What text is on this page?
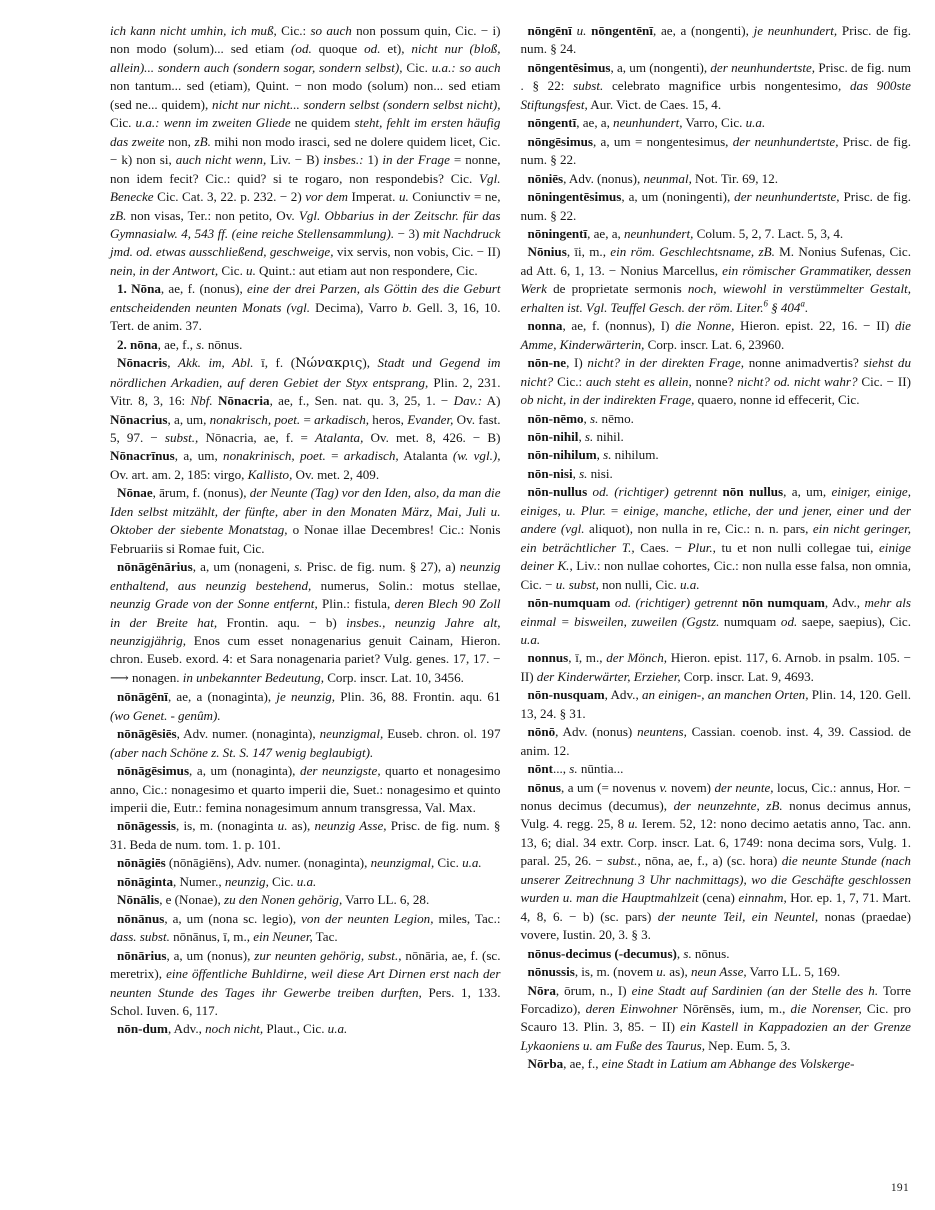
ich kann nicht umhin, ich muß, Cic.: so auch non possum quin, Cic. − i) non modo (solum)... sed etiam (od. quoque od. et), nicht nur (bloß, allein)... sondern auch (sondern sogar, sondern selbst), Cic. u.a.: so auch non tantum... sed (etiam), Quint. − non modo (solum) non... sed etiam (sed ne... quidem), nicht nur nicht... sondern selbst (sondern selbst nicht), Cic. u.a.: wenn im zweiten Gliede ne quidem steht, fehlt im ersten häufig das zweite non, zB. mihi non modo irasci, sed ne dolere quidem licet, Cic. − k) non si, auch nicht wenn, Liv. − B) insbes.: 1) in der Frage = nonne, non idem fecit? Cic.: quid? si te rogaro, non respondebis? Cic. Vgl. Benecke Cic. Cat. 3, 22. p. 232. − 2) vor dem Imperat. u. Coniunctiv = ne, zB. non visas, Ter.: non petito, Ov. Vgl. Obbarius in der Zeitschr. für das Gymnasialw. 4, 543 ff. (eine reiche Stellensammlung). − 3) mit Nachdruck jmd. od. etwas ausschließend, geschweige, vix servis, non vobis, Cic. − II) nein, in der Antwort, Cic. u. Quint.: aut etiam aut non respondere, Cic.

1. Nōna, ae, f. (nonus), eine der drei Parzen, als Göttin des die Geburt entscheidenden neunten Monats (vgl. Decima), Varro b. Gell. 3, 16, 10. Tert. de anim. 37.

2. nōna, ae, f., s. nōnus.

Nōnacris, Akk. im, Abl. ī, f. (Νώνακρις), Stadt und Gegend im nördlichen Arkadien, auf deren Gebiet der Styx entsprang, Plin. 2, 231. Vitr. 8, 3, 16: Nbf. Nōnacria, ae, f., Sen. nat. qu. 3, 25, 1. − Dav.: A) Nōnacrius, a, um, nonakrisch, poet. = arkadisch, heros, Evander, Ov. fast. 5, 97. − subst., Nōnacria, ae, f. = Atalanta, Ov. met. 8, 426. − B) Nōnacrīnus, a, um, nonakrinisch, poet. = arkadisch, Atalanta (w. vgl.), Ov. art. am. 2, 185: virgo, Kallisto, Ov. met. 2, 409.

Nōnae, ārum, f. (nonus), der Neunte (Tag) vor den Iden, also, da man die Iden selbst mitzählt, der fünfte, aber in den Monaten März, Mai, Juli u. Oktober der siebente Monatstag, o Nonae illae Decembres! Cic.: Nonis Februariis si Romae fuit, Cic.

nōnāgēnārius, a, um (nonageni, s. Prisc. de fig. num. § 27), a) neunzig enthaltend, aus neunzig bestehend, numerus, Solin.: motus stellae, neunzig Grade von der Sonne entfernt, Plin.: fistula, deren Blech 90 Zoll in der Breite hat, Frontin. aqu. − b) insbes., neunzig Jahre alt, neunzigjährig, Enos cum esset nonagenarius genuit Cainam, Hieron. chron. Euseb. exord. 4: et Sara nonagenaria pariet? Vulg. genes. 17, 17. − ⟶ nonagen. in unbekannter Bedeutung, Corp. inscr. Lat. 10, 3456.

nōnāgēnī, ae, a (nonaginta), je neunzig, Plin. 36, 88. Frontin. aqu. 61 (wo Genet. - genûm).

nōnāgēsiēs, Adv. numer. (nonaginta), neunzigmal, Euseb. chron. ol. 197 (aber nach Schöne z. St. S. 147 wenig beglaubigt).

nōnāgēsimus, a, um (nonaginta), der neunzigste, quarto et nonagesimo anno, Cic.: nonagesimo et quarto imperii die, Suet.: nonagesimo et quinto imperii die, Eutr.: femina nonagesimum annum transgressa, Val. Max.

nōnāgessis, is, m. (nonaginta u. as), neunzig Asse, Prisc. de fig. num. § 31. Beda de num. tom. 1. p. 101.

nōnāgiēs (nōnāgiēns), Adv. numer. (nonaginta), neunzigmal, Cic. u.a.

nōnāginta, Numer., neunzig, Cic. u.a.

Nōnālis, e (Nonae), zu den Nonen gehörig, Varro LL. 6, 28.

nōnānus, a, um (nona sc. legio), von der neunten Legion, miles, Tac.: dass. subst. nōnānus, ī, m., ein Neuner, Tac.

nōnārius, a, um (nonus), zur neunten gehörig, subst., nōnāria, ae, f. (sc. meretrix), eine öffentliche Buhldirne, weil diese Art Dirnen erst nach der neunten Stunde des Tages ihr Gewerbe treiben durften, Pers. 1, 133. Schol. Iuven. 6, 117.

nōn-dum, Adv., noch nicht, Plaut., Cic. u.a.

nōngēnī u. nōngentēnī, ae, a (nongenti), je neunhundert, Prisc. de fig. num. § 24.

nōngentēsimus, a, um (nongenti), der neunhundertste, Prisc. de fig. num . § 22: subst. celebrato magnifice urbis nongentesimo, das 900ste Stiftungsfest, Aur. Vict. de Caes. 15, 4.

nōngentī, ae, a, neunhundert, Varro, Cic. u.a.

nōngēsimus, a, um = nongentesimus, der neunhundertste, Prisc. de fig. num. § 22.

nōniēs, Adv. (nonus), neunmal, Not. Tir. 69, 12.

nōningentēsimus, a, um (noningenti), der neunhundertste, Prisc. de fig. num. § 22.

nōningentī, ae, a, neunhundert, Colum. 5, 2, 7. Lact. 5, 3, 4.

Nōnius, īi, m., ein röm. Geschlechtsname, zB. M. Nonius Sufenas, Cic. ad Att. 6, 1, 13. − Nonius Marcellus, ein römischer Grammatiker, dessen Werk de proprietate sermonis noch, wiewohl in verstümmelter Gestalt, erhalten ist. Vgl. Teuffel Gesch. der röm. Liter.$^6$ § 404$^a$.

nonna, ae, f. (nonnus), I) die Nonne, Hieron. epist. 22, 16. − II) die Amme, Kinderwärterin, Corp. inscr. Lat. 6, 23960.

nōn-ne, I) nicht? in der direkten Frage, nonne animadvertis? siehst du nicht? Cic.: auch steht es allein, nonne? nicht? od. nicht wahr? Cic. − II) ob nicht, in der indirekten Frage, quaero, nonne id effecerit, Cic.

nōn-nēmo, s. nēmo.

nōn-nihil, s. nihil.

nōn-nihilum, s. nihilum.

nōn-nisi, s. nisi.

nōn-nullus od. (richtiger) getrennt nōn nullus, a, um, einiger, einige, einiges, u. Plur. = einige, manche, etliche, der und jener, einer und der andere (vgl. aliquot), non nulla in re, Cic.: n. n. pars, ein nicht geringer, ein beträchtlicher T., Caes. − Plur., tu et non nulli collegae tui, einige deiner K., Liv.: non nullae cohortes, Cic.: non nulla esse falsa, non omnia, Cic. − u. subst, non nulli, Cic. u.a.

nōn-numquam od. (richtiger) getrennt nōn numquam, Adv., mehr als einmal = bisweilen, zuweilen (Ggstz. numquam od. saepe, saepius), Cic. u.a.

nonnus, ī, m., der Mönch, Hieron. epist. 117, 6. Arnob. in psalm. 105. − II) der Kinderwärter, Erzieher, Corp. inscr. Lat. 9, 4693.

nōn-nusquam, Adv., an einigen-, an manchen Orten, Plin. 14, 120. Gell. 13, 24. § 31.

nōnō, Adv. (nonus) neuntens, Cassian. coenob. inst. 4, 39. Cassiod. de anim. 12.

nōnt..., s. nūntia...

nōnus, a um (= novenus v. novem) der neunte, locus, Cic.: annus, Hor. − nonus decimus (decumus), der neunzehnte, zB. nonus decimus annus, Vulg. 4. regg. 25, 8 u. Ierem. 52, 12: nono decimo aetatis anno, Tac. ann. 13, 6; dial. 34 extr. Corp. inscr. Lat. 6, 1749: nona decima sors, Vulg. 1. paral. 25, 26. − subst., nōna, ae, f., a) (sc. hora) die neunte Stunde (nach unserer Zeitrechnung 3 Uhr nachmittags), wo die Geschäfte geschlossen wurden u. man die Hauptmahlzeit (cena) einnahm, Hor. ep. 1, 7, 71. Mart. 4, 8, 6. − b) (sc. pars) der neunte Teil, ein Neuntel, nonas (praedae) vovere, Iustin. 20, 3. § 3.

nōnus-decimus (-decumus), s. nōnus.

nōnussis, is, m. (novem u. as), neun Asse, Varro LL. 5, 169.

Nōra, ōrum, n., I) eine Stadt auf Sardinien (an der Stelle des h. Torre Forcadizo), deren Einwohner Nōrēnsēs, ium, m., die Norenser, Cic. pro Scauro 13. Plin. 3, 85. − II) ein Kastell in Kappadozien an der Grenze Lykaoniens u. am Fuße des Taurus, Nep. Eum. 5, 3.

Nōrba, ae, f., eine Stadt in Latium am Abhange des Volskerge-

191
